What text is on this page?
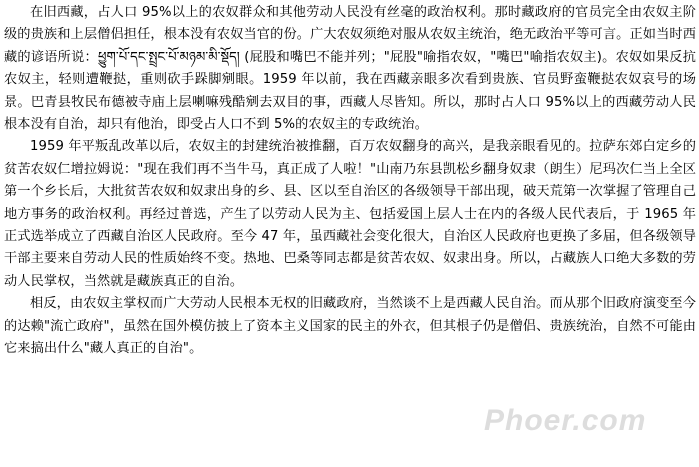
在旧西藏，占人口 95%以上的农奴群众和其他劳动人民没有丝毫的政治权利。那时藏政府的官员完全由农奴主阶级的贵族和上层僧侣担任，根本没有农奴当官的份。广大农奴须绝对服从农奴主统治，绝无政治平等可言。正如当时西藏的谚语所说：ཕྱུག་པོ་དང་སྤྲང་པོ་མཉམ་མི་སྡོད། (屁股和嘴巴不能并列；"屁股"喻指农奴，"嘴巴"喻指农奴主)。农奴如果反抗农奴主，轻则遭鞭挞，重则砍手跺脚剜眼。1959 年以前，我在西藏亲眼多次看到贵族、官员野蛮鞭挞农奴哀号的场景。巴青县牧民布德被寺庙上层喇嘛残酷剜去双目的事，西藏人尽皆知。所以，那时占人口 95%以上的西藏劳动人民根本没有自治，却只有他治，即受占人口不到 5%的农奴主的专政统治。

1959 年平叛乱改革以后，农奴主的封建统治被推翻，百万农奴翻身的高兴，是我亲眼看见的。拉萨东郊白定乡的贫苦农奴仁增拉姆说："现在我们再不当牛马，真正成了人啦！"山南乃东县凯松乡翻身奴隶（朗生）尼玛次仁当上全区第一个乡长后，大批贫苦农奴和奴隶出身的乡、县、区以至自治区的各级领导干部出现，破天荒第一次掌握了管理自己地方事务的政治权利。再经过普选，产生了以劳动人民为主、包括爱国上层人士在内的各级人民代表后，于 1965 年正式选举成立了西藏自治区人民政府。至今 47 年，虽西藏社会变化很大，自治区人民政府也更换了多届，但各级领导干部主要来自劳动人民的性质始终不变。热地、巴桑等同志都是贫苦农奴、奴隶出身。所以，占藏族人口绝大多数的劳动人民掌权，当然就是藏族真正的自治。

相反，由农奴主掌权而广大劳动人民根本无权的旧藏政府，当然谈不上是西藏人民自治。而从那个旧政府演变至今的达赖"流亡政府"，虽然在国外模仿披上了资本主义国家的民主的外衣，但其根子仍是僧侣、贵族统治，自然不可能由它来搞出什么"藏人真正的自治"。

Phoer.com
